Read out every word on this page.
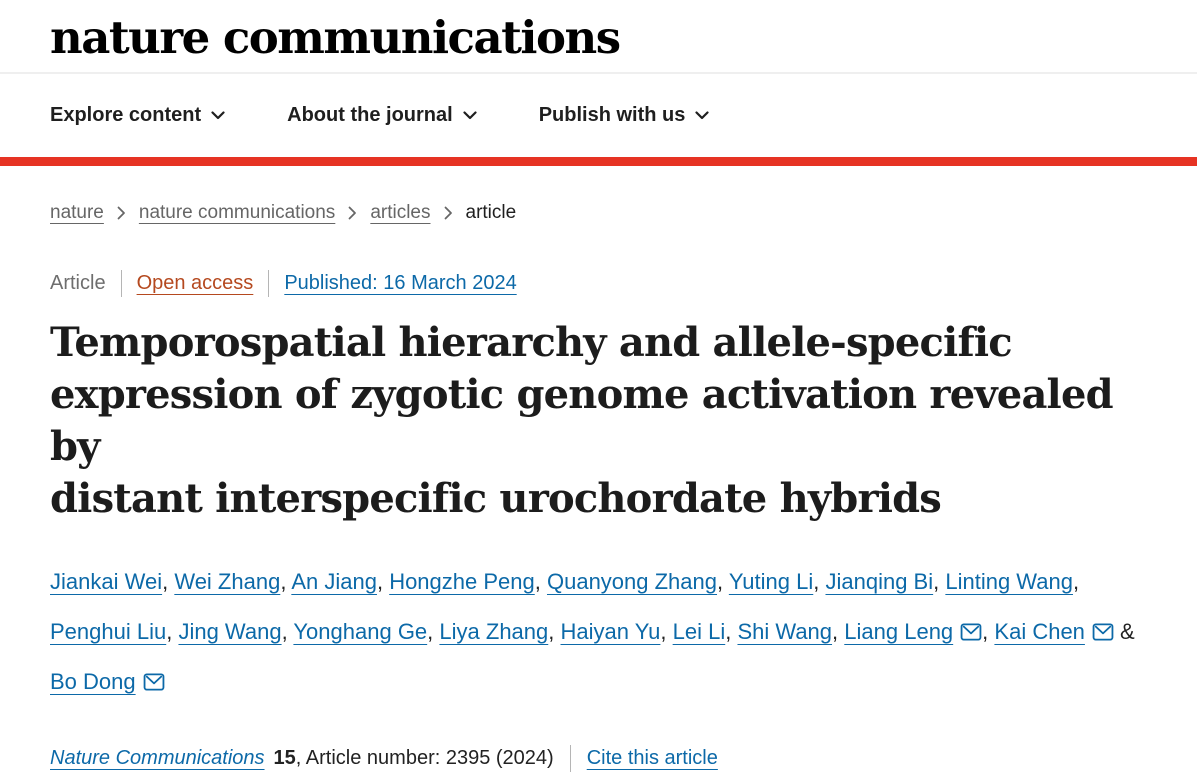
nature communications
Explore content	About the journal	Publish with us
nature nature communications articles article
Article Open access Published: 16 March 2024
Temporospatial hierarchy and allele-specific
expression of zygotic genome activation revealed by
distant interspecific urochordate hybrids

Jiankai Wei, Wei Zhang, An Jiang, Hongzhe Peng, Quanyong Zhang, Yuting Li, Jianqing Bi, Linting Wang, Penghui Liu, Jing Wang, Yonghang Ge, Liya Zhang, Haiyan Yu, Lei Li, Shi Wang, Liang Leng , Kai Chen
& Bo Dong

Nature Communications 15 , Article number: 2395 (2024) Cite this article
